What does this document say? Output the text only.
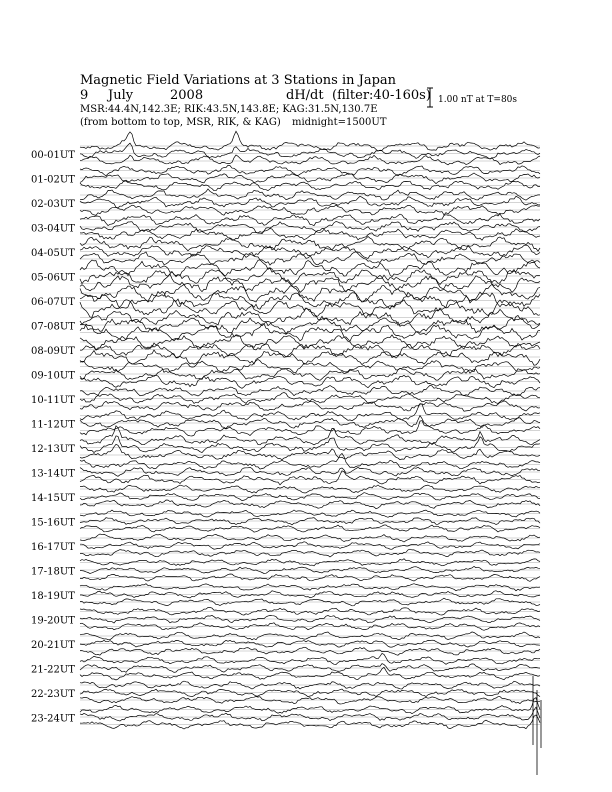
Magnetic Field Variations at 3 Stations in Japan
9 July	2008	dH/dt (filter:40-160s)
MSR:44.4N,142.3E; RIK:43.5N,143.8E; KAG:31.5N,130.7E
(from bottom to top, MSR, RIK, & KAG) midnight=1500UT
1.00 nT at T=80s
00-01UT
01-02UT
02-03UT
03-04UT
04-05UT
05-06UT
06-07UT
07-08UT
08-09UT
09-10UT
10-11UT
11-12UT
12-13UT
13-14UT
14-15UT
15-16UT
16-17UT
17-18UT
18-19UT
19-20UT
20-21UT
21-22UT
22-23UT
23-24UT
